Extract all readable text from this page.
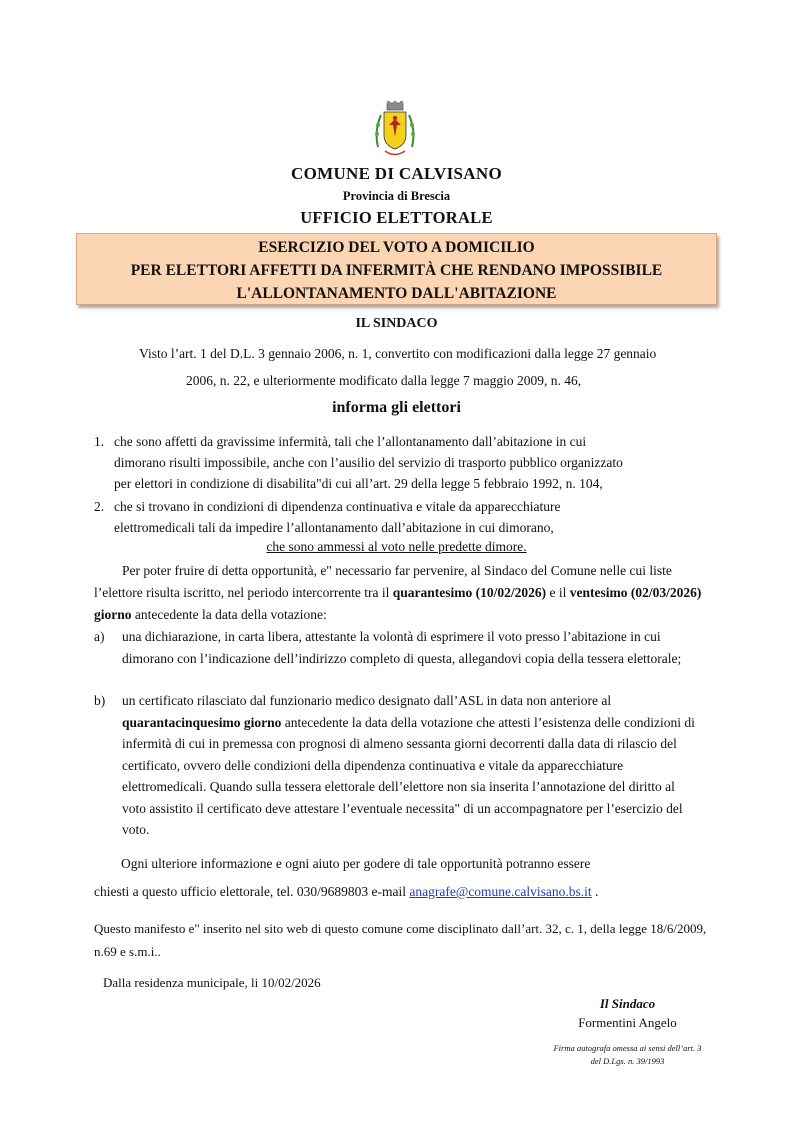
COMUNE DI CALVISANO
Provincia di Brescia
UFFICIO ELETTORALE
ESERCIZIO DEL VOTO A DOMICILIO
PER ELETTORI AFFETTI DA INFERMITÀ CHE RENDANO IMPOSSIBILE
L'ALLONTANAMENTO DALL'ABITAZIONE
IL SINDACO
Visto l’art. 1 del D.L. 3 gennaio 2006, n. 1, convertito con modificazioni dalla legge 27 gennaio
2006, n. 22, e ulteriormente modificato dalla legge 7 maggio 2009, n. 46,
informa gli elettori
1. che sono affetti da gravissime infermità, tali che l’allontanamento dall’abitazione in cui
dimorano risulti impossibile, anche con l’ausilio del servizio di trasporto pubblico organizzato
per elettori in condizione di disabilita"di cui all’art. 29 della legge 5 febbraio 1992, n. 104,
2. che si trovano in condizioni di dipendenza continuativa e vitale da apparecchiature
elettromedicali tali da impedire l’allontanamento dall’abitazione in cui dimorano,
che sono ammessi al voto nelle predette dimore.
Per poter fruire di detta opportunità, e" necessario far pervenire, al Sindaco del Comune nelle cui liste l’elettore risulta iscritto, nel periodo intercorrente tra il quarantesimo (10/02/2026) e il ventesimo (02/03/2026) giorno antecedente la data della votazione:
a) una dichiarazione, in carta libera, attestante la volontà di esprimere il voto presso l’abitazione in cui dimorano con l’indicazione dell’indirizzo completo di questa, allegandovi copia della tessera elettorale;
b) un certificato rilasciato dal funzionario medico designato dall’ASL in data non anteriore al quarantacinquesimo giorno antecedente la data della votazione che attesti l’esistenza delle condizioni di infermità di cui in premessa con prognosi di almeno sessanta giorni decorrenti dalla data di rilascio del certificato, ovvero delle condizioni della dipendenza continuativa e vitale da apparecchiature elettromedicali. Quando sulla tessera elettorale dell’elettore non sia inserita l’annotazione del diritto al voto assistito il certificato deve attestare l’eventuale necessita" di un accompagnatore per l’esercizio del voto.
Ogni ulteriore informazione e ogni aiuto per godere di tale opportunità potranno essere
chiesti a questo ufficio elettorale, tel. 030/9689803 e-mail anagrafe@comune.calvisano.bs.it .
Questo manifesto e" inserito nel sito web di questo comune come disciplinato dall’art. 32, c. 1, della legge 18/6/2009, n.69 e s.m.i..
Dalla residenza municipale, li 10/02/2026
Il Sindaco
Formentini Angelo
Firma autografa omessa ai sensi dell’art. 3
del D.Lgs. n. 39/1993
